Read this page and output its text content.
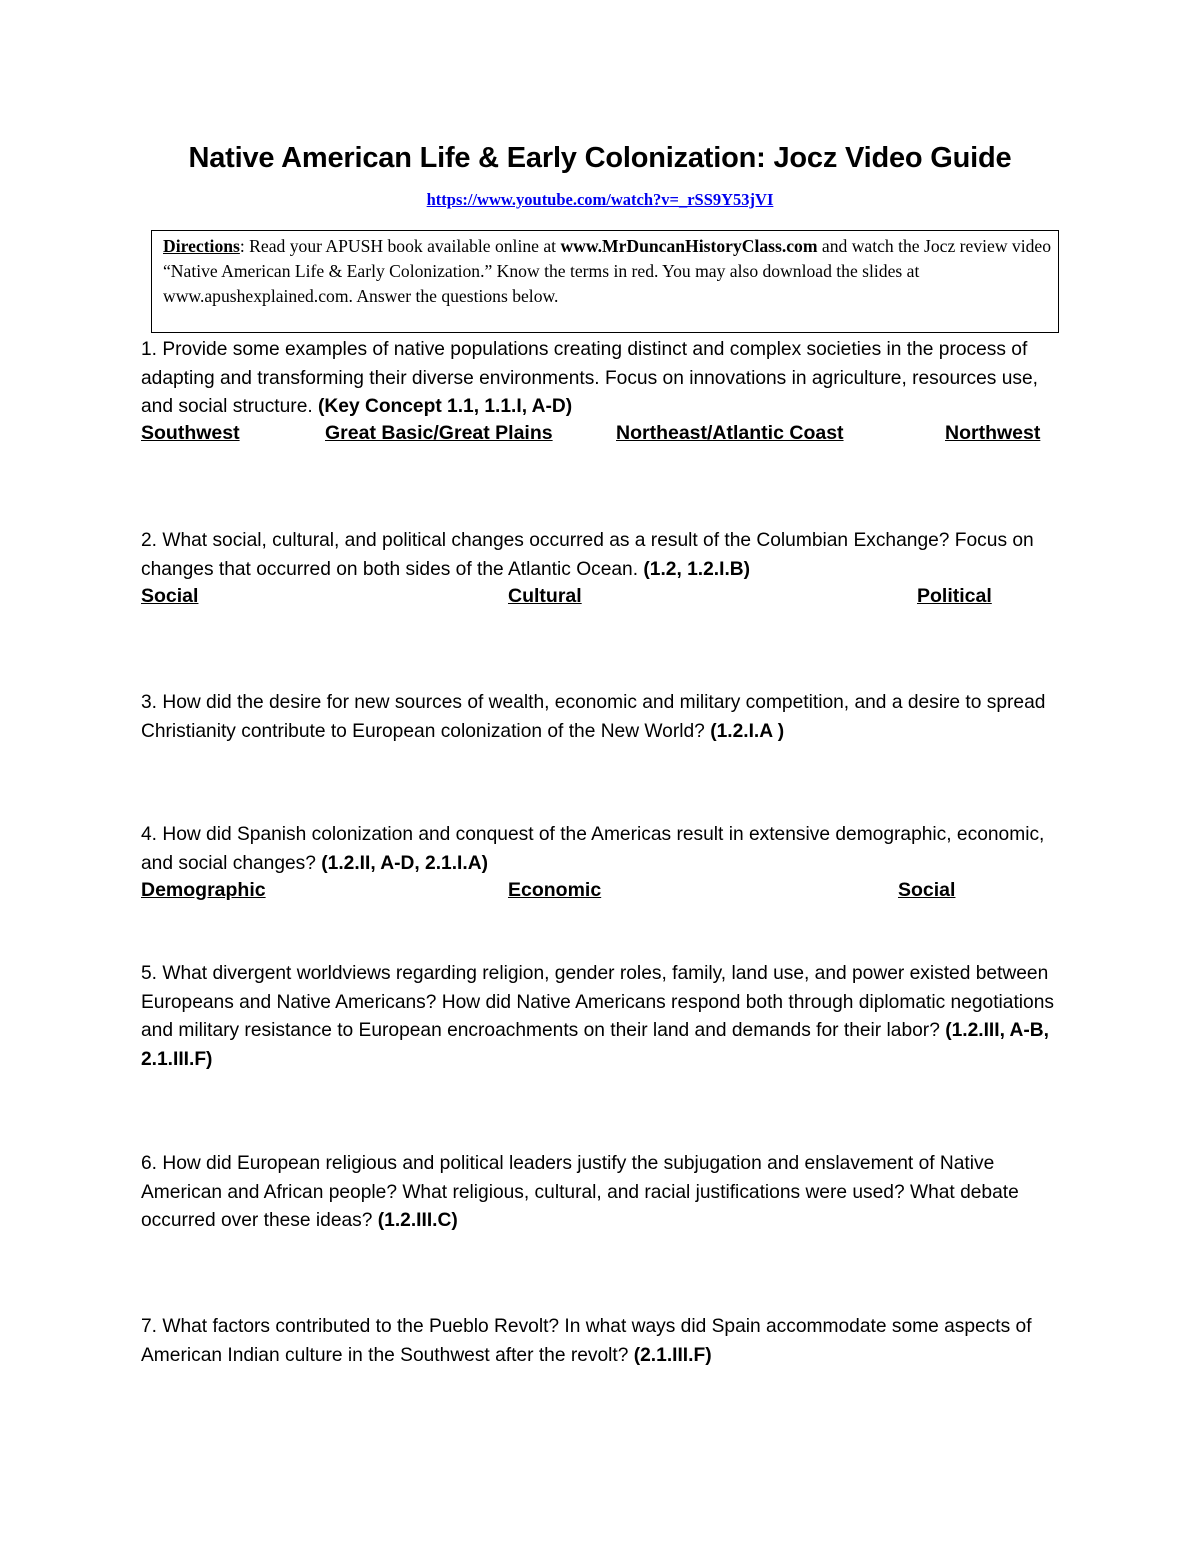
Native American Life & Early Colonization: Jocz Video Guide
https://www.youtube.com/watch?v=_rSS9Y53jVI
Directions: Read your APUSH book available online at www.MrDuncanHistoryClass.com and watch the Jocz review video “Native American Life & Early Colonization.” Know the terms in red. You may also download the slides at www.apushexplained.com. Answer the questions below.
1. Provide some examples of native populations creating distinct and complex societies in the process of adapting and transforming their diverse environments. Focus on innovations in agriculture, resources use, and social structure. (Key Concept 1.1, 1.1.I, A-D)
Southwest	Great Basic/Great Plains	Northeast/Atlantic Coast	Northwest
2. What social, cultural, and political changes occurred as a result of the Columbian Exchange? Focus on changes that occurred on both sides of the Atlantic Ocean. (1.2, 1.2.I.B)
Social	Cultural	Political
3. How did the desire for new sources of wealth, economic and military competition, and a desire to spread Christianity contribute to European colonization of the New World? (1.2.I.A )
4. How did Spanish colonization and conquest of the Americas result in extensive demographic, economic, and social changes? (1.2.II, A-D, 2.1.I.A)
Demographic	Economic	Social
5. What divergent worldviews regarding religion, gender roles, family, land use, and power existed between Europeans and Native Americans? How did Native Americans respond both through diplomatic negotiations and military resistance to European encroachments on their land and demands for their labor? (1.2.III, A-B, 2.1.III.F)
6. How did European religious and political leaders justify the subjugation and enslavement of Native American and African people? What religious, cultural, and racial justifications were used? What debate occurred over these ideas? (1.2.III.C)
7. What factors contributed to the Pueblo Revolt? In what ways did Spain accommodate some aspects of American Indian culture in the Southwest after the revolt? (2.1.III.F)
